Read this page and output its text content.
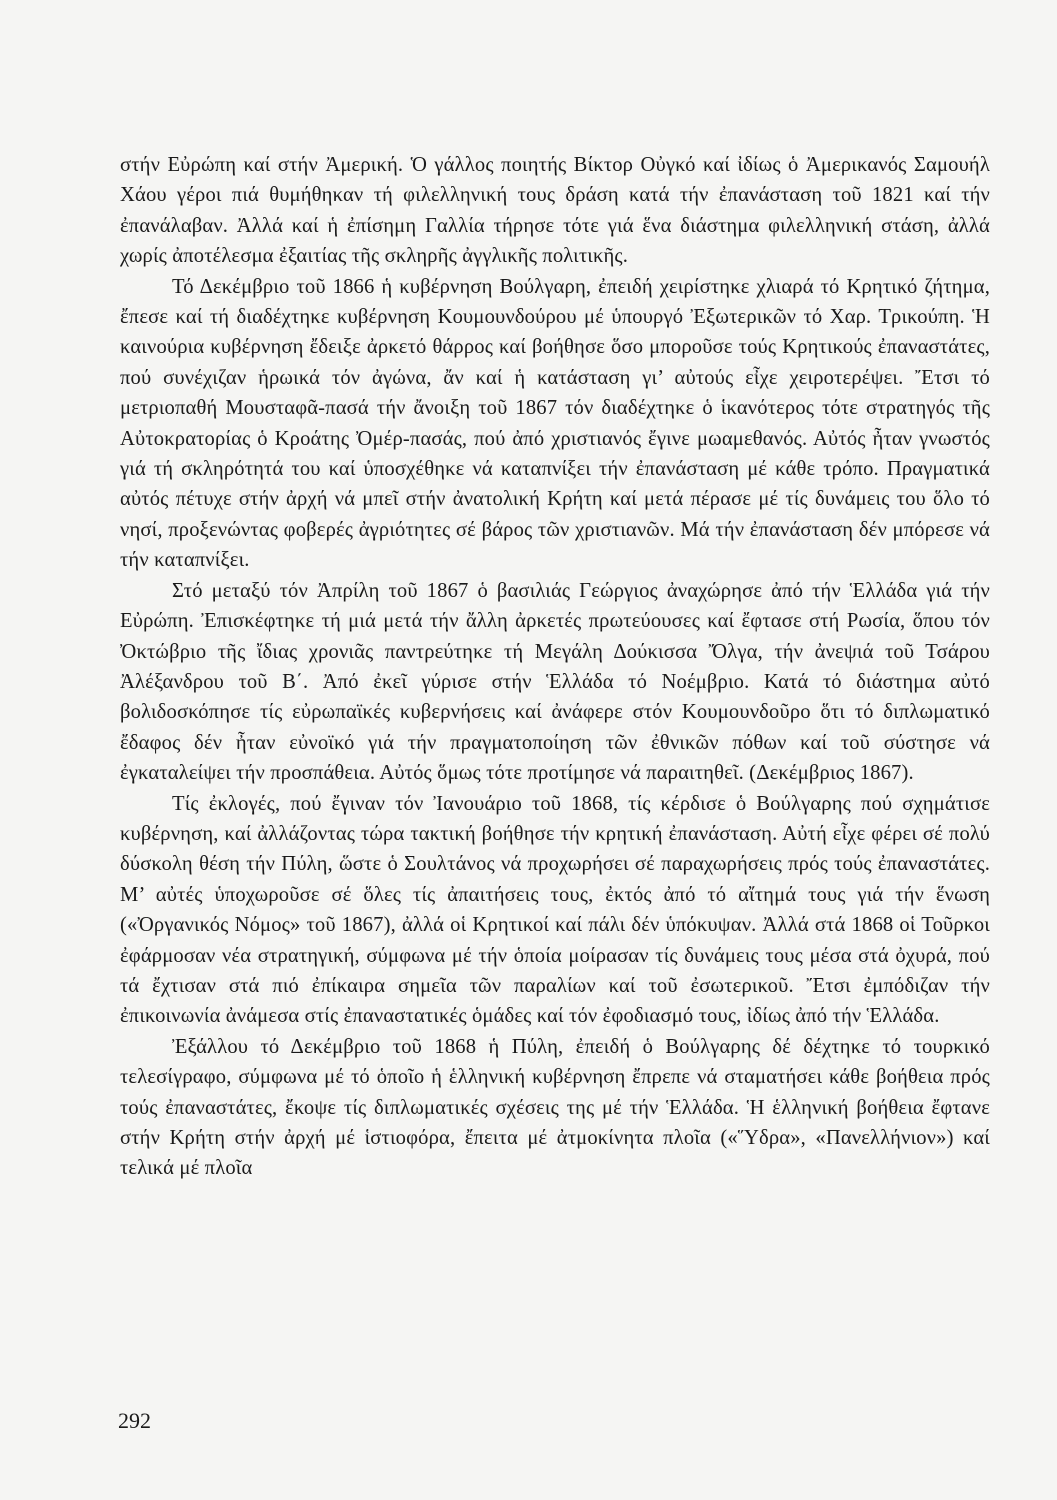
στήν Εὐρώπη καί στήν Ἀμερική. Ὁ γάλλος ποιητής Βίκτορ Οὐγκό καί ἰδίως ὁ Ἀμερικανός Σαμουήλ Χάου γέροι πιά θυμήθηκαν τή φιλελληνική τους δράση κατά τήν ἐπανάσταση τοῦ 1821 καί τήν ἐπανάλαβαν. Ἀλλά καί ἡ ἐπίσημη Γαλλία τήρησε τότε γιά ἕνα διάστημα φιλελληνική στάση, ἀλλά χωρίς ἀποτέλεσμα ἐξαιτίας τῆς σκληρῆς ἀγγλικῆς πολιτικῆς.

Τό Δεκέμβριο τοῦ 1866 ἡ κυβέρνηση Βούλγαρη, ἐπειδή χειρίστηκε χλιαρά τό Κρητικό ζήτημα, ἔπεσε καί τή διαδέχτηκε κυβέρνηση Κουμουνδούρου μέ ὑπουργό Ἐξωτερικῶν τό Χαρ. Τρικούπη. Ἡ καινούρια κυβέρνηση ἔδειξε ἀρκετό θάρρος καί βοήθησε ὅσο μποροῦσε τούς Κρητικούς ἐπαναστάτες, πού συνέχιζαν ἡρωικά τόν ἀγώνα, ἄν καί ἡ κατάσταση γι’ αὐτούς εἶχε χειροτερέψει. Ἔτσι τό μετριοπαθή Μουσταφᾶ-πασά τήν ἄνοιξη τοῦ 1867 τόν διαδέχτηκε ὁ ἱκανότερος τότε στρατηγός τῆς Αὐτοκρατορίας ὁ Κροάτης Ὀμέρ-πασάς, πού ἀπό χριστιανός ἔγινε μωαμεθανός. Αὐτός ἦταν γνωστός γιά τή σκληρότητά του καί ὑποσχέθηκε νά καταπνίξει τήν ἐπανάσταση μέ κάθε τρόπο. Πραγματικά αὐτός πέτυχε στήν ἀρχή νά μπεῖ στήν ἀνατολική Κρήτη καί μετά πέρασε μέ τίς δυνάμεις του ὅλο τό νησί, προξενώντας φοβερές ἀγριότητες σέ βάρος τῶν χριστιανῶν. Μά τήν ἐπανάσταση δέν μπόρεσε νά τήν καταπνίξει.

Στό μεταξύ τόν Ἀπρίλη τοῦ 1867 ὁ βασιλιάς Γεώργιος ἀναχώρησε ἀπό τήν Ἑλλάδα γιά τήν Εὐρώπη. Ἐπισκέφτηκε τή μιά μετά τήν ἄλλη ἀρκετές πρωτεύουσες καί ἔφτασε στή Ρωσία, ὅπου τόν Ὀκτώβριο τῆς ἴδιας χρονιᾶς παντρεύτηκε τή Μεγάλη Δούκισσα Ὄλγα, τήν ἀνεψιά τοῦ Τσάρου Ἀλέξανδρου τοῦ Β΄. Ἀπό ἐκεῖ γύρισε στήν Ἑλλάδα τό Νοέμβριο. Κατά τό διάστημα αὐτό βολιδοσκόπησε τίς εὐρωπαϊκές κυβερνήσεις καί ἀνάφερε στόν Κουμουνδοῦρο ὅτι τό διπλωματικό ἔδαφος δέν ἦταν εὐνοϊκό γιά τήν πραγματοποίηση τῶν ἐθνικῶν πόθων καί τοῦ σύστησε νά ἐγκαταλείψει τήν προσπάθεια. Αὐτός ὅμως τότε προτίμησε νά παραιτηθεῖ. (Δεκέμβριος 1867).

Τίς ἐκλογές, πού ἔγιναν τόν Ἰανουάριο τοῦ 1868, τίς κέρδισε ὁ Βούλγαρης πού σχημάτισε κυβέρνηση, καί ἀλλάζοντας τώρα τακτική βοήθησε τήν κρητική ἐπανάσταση. Αὐτή εἶχε φέρει σέ πολύ δύσκολη θέση τήν Πύλη, ὥστε ὁ Σουλτάνος νά προχωρήσει σέ παραχωρήσεις πρός τούς ἐπαναστάτες. Μ’ αὐτές ὑποχωροῦσε σέ ὅλες τίς ἀπαιτήσεις τους, ἐκτός ἀπό τό αἴτημά τους γιά τήν ἕνωση («Ὀργανικός Νόμος» τοῦ 1867), ἀλλά οἱ Κρητικοί καί πάλι δέν ὑπόκυψαν. Ἀλλά στά 1868 οἱ Τοῦρκοι ἐφάρμοσαν νέα στρατηγική, σύμφωνα μέ τήν ὁποία μοίρασαν τίς δυνάμεις τους μέσα στά ὀχυρά, πού τά ἔχτισαν στά πιό ἐπίκαιρα σημεῖα τῶν παραλίων καί τοῦ ἐσωτερικοῦ. Ἔτσι ἐμπόδιζαν τήν ἐπικοινωνία ἀνάμεσα στίς ἐπαναστατικές ὁμάδες καί τόν ἐφοδιασμό τους, ἰδίως ἀπό τήν Ἑλλάδα.

Ἐξάλλου τό Δεκέμβριο τοῦ 1868 ἡ Πύλη, ἐπειδή ὁ Βούλγαρης δέ δέχτηκε τό τουρκικό τελεσίγραφο, σύμφωνα μέ τό ὁποῖο ἡ ἑλληνική κυβέρνηση ἔπρεπε νά σταματήσει κάθε βοήθεια πρός τούς ἐπαναστάτες, ἔκοψε τίς διπλωματικές σχέσεις της μέ τήν Ἑλλάδα. Ἡ ἑλληνική βοήθεια ἔφτανε στήν Κρήτη στήν ἀρχή μέ ἱστιοφόρα, ἔπειτα μέ ἀτμοκίνητα πλοῖα («Ὕδρα», «Πανελλήνιον») καί τελικά μέ πλοῖα

292
